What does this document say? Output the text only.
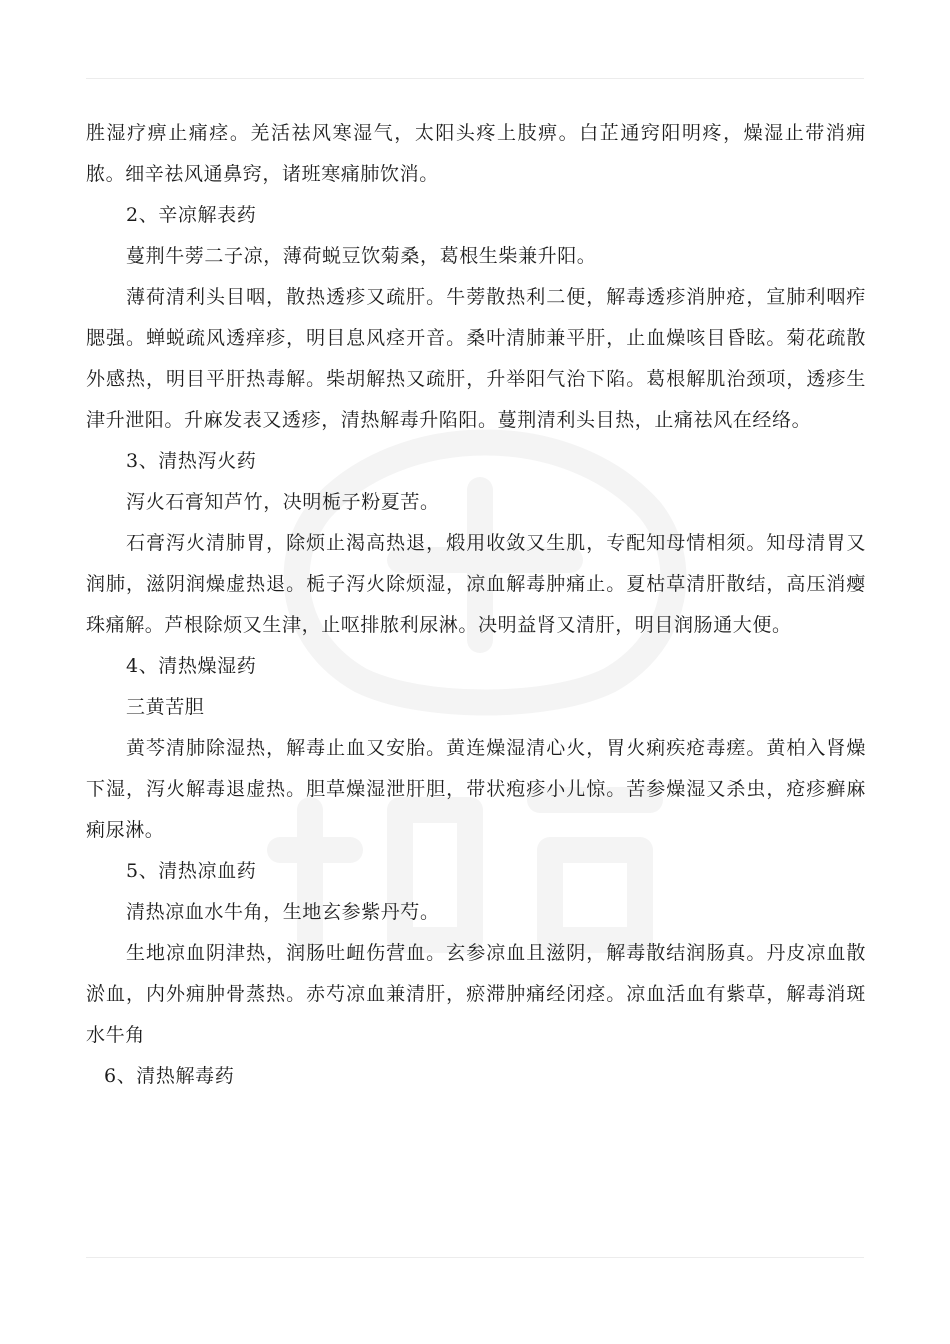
胜湿疗痹止痛痉。羌活祛风寒湿气，太阳头疼上肢痹。白芷通窍阳明疼，燥湿止带消痈脓。细辛祛风通鼻窍，诸班寒痛肺饮消。

2、辛凉解表药

蔓荆牛蒡二子凉，薄荷蜕豆饮菊桑，葛根生柴兼升阳。

薄荷清利头目咽，散热透疹又疏肝。牛蒡散热利二便，解毒透疹消肿疮，宣肺利咽痄腮强。蝉蜕疏风透痒疹，明目息风痉开音。桑叶清肺兼平肝，止血燥咳目昏眩。菊花疏散外感热，明目平肝热毒解。柴胡解热又疏肝，升举阳气治下陷。葛根解肌治颈项，透疹生津升泄阳。升麻发表又透疹，清热解毒升陷阳。蔓荆清利头目热，止痛祛风在经络。

3、清热泻火药

泻火石膏知芦竹，决明栀子粉夏苦。

石膏泻火清肺胃，除烦止渴高热退，煅用收敛又生肌，专配知母情相须。知母清胃又润肺，滋阴润燥虚热退。栀子泻火除烦湿，凉血解毒肿痛止。夏枯草清肝散结，高压消瘿珠痛解。芦根除烦又生津，止呕排脓利尿淋。决明益肾又清肝，明目润肠通大便。

4、清热燥湿药

三黄苦胆

黄芩清肺除湿热，解毒止血又安胎。黄连燥湿清心火，胃火痢疾疮毒瘥。黄柏入肾燥下湿，泻火解毒退虚热。胆草燥湿泄肝胆，带状疱疹小儿惊。苦参燥湿又杀虫，疮疹癣麻痢尿淋。

5、清热凉血药

清热凉血水牛角，生地玄参紫丹芍。

生地凉血阴津热，润肠吐衄伤营血。玄参凉血且滋阴，解毒散结润肠真。丹皮凉血散淤血，内外痈肿骨蒸热。赤芍凉血兼清肝，瘀滞肿痛经闭痉。凉血活血有紫草，解毒消斑水牛角

6、清热解毒药
